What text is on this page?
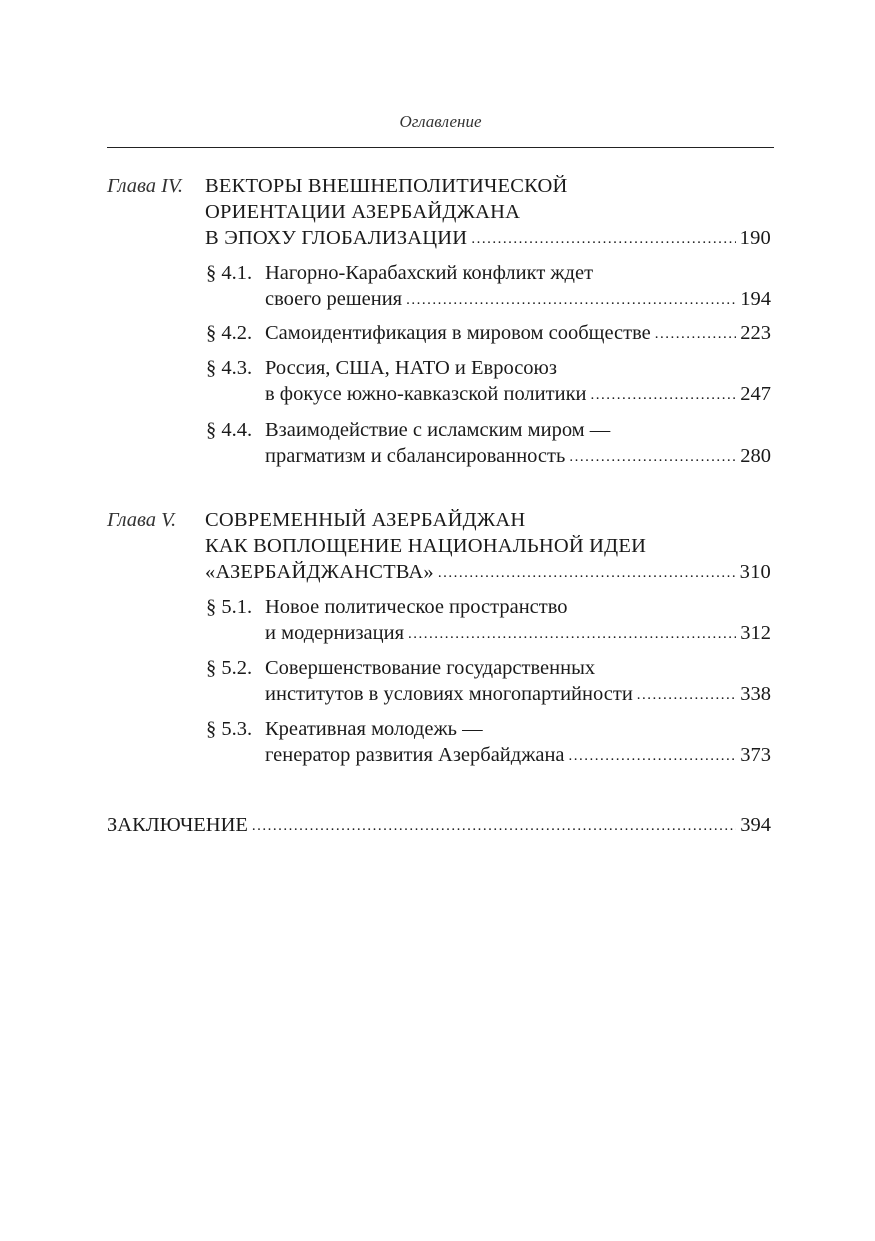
Оглавление
Глава IV. ВЕКТОРЫ ВНЕШНЕПОЛИТИЧЕСКОЙ
ОРИЕНТАЦИИ АЗЕРБАЙДЖАНА
В ЭПОХУ ГЛОБАЛИЗАЦИИ .....	190
§ 4.1. Нагорно-Карабахский конфликт ждет
своего решения .....	194
§ 4.2. Самоидентификация в мировом сообществе .....	223
§ 4.3. Россия, США, НАТО и Евросоюз
в фокусе южно-кавказской политики .....	247
§ 4.4. Взаимодействие с исламским миром —
прагматизм и сбалансированность .....	280
Глава V. СОВРЕМЕННЫЙ АЗЕРБАЙДЖАН
КАК ВОПЛОЩЕНИЕ НАЦИОНАЛЬНОЙ ИДЕИ
«АЗЕРБАЙДЖАНСТВА» .....	310
§ 5.1. Новое политическое пространство
и модернизация .....	312
§ 5.2. Совершенствование государственных
институтов в условиях многопартийности .....	338
§ 5.3. Креативная молодежь —
генератор развития Азербайджана .....	373
ЗАКЛЮЧЕНИЕ .....	394
